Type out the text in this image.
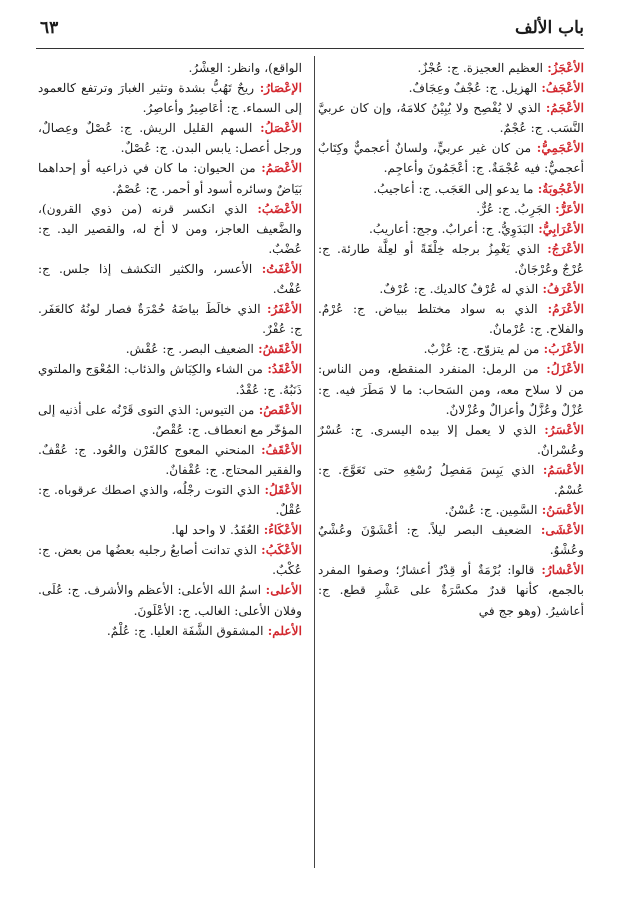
باب الألف
٦٣

الأعْجَزُ: العظيم العجيزة. ج: عُجْزٌ.

الأعْجَفُ: الهزيل. ج: عُجْفٌ وعِجَافٌ.

الأعْجَمُ: الذي لا يُفْصِح ولا يُبِيْنُ كلامَهُ، وإن كان عربيَّ النَّسَب. ج: عُجْمٌ.

الأعْجَمِيُّ: من كان غير عربيٍّ، ولسانٌ أعجميٌّ وكِتَابٌ أعجميٌّ: فيه عُجْمَةٌ. ج: أعْجَمُونَ وأعاجِم.

الأعْجُوبَةُ: ما يدعو إلى العَجَب. ج: أعاجيبُ.

الأعَرُّ: الجَرِبُ. ج: عُرٌّ.

الأعْرَابِيُّ: البَدَوِيُّ. ج: أعرابٌ. وجج: أعاريبُ.

الأعْرَجُ: الذي يَغْمِزُ برجله خِلْقَةً أو لعِلَّة طارئة. ج: عُرْجٌ وعُرْجَانٌ.

الأعْرَفُ: الذي له عُرْفٌ كالديك. ج: عُرْفٌ.

الأعْرَمُ: الذي به سواد مختلط ببياض. ج: عُرْمٌ. والفلاح. ج: عُرْمانٌ.

الأعْزَبُ: من لم يتزوّج. ج: عُزْبٌ.

الأعْزَلُ: من الرمل: المنفرد المنقطع، ومن الناس: من لا سلاح معه، ومن السَحاب: ما لا مَطَرَ فيه. ج: عُزْلٌ وعُزَّلٌ وأعزالٌ وعُزْلانٌ.

الأعْسَرُ: الذي لا يعمل إلا بيده اليسرى. ج: عُسْرٌ وعُسْرانٌ.

الأعْسَمُ: الذي يَبِسَ مَفصِلُ رُسْغِهِ حتى تَعَوَّجَ. ج: عُسْمٌ.

الأعْسَنُ: السَّمِين. ج: عُسْنٌ.

الأعْشَى: الضعيف البصر ليلاً. ج: أعْشَوْنَ وعُشْيٌ وعُشْوٌ.

الأعْشارُ: قالوا: بُرْمَةٌ أو قِدْرٌ أعشارٌ؛ وصفوا المفرد بالجمع، كأنها قدرٌ مكسَّرَةٌ على عَشْرِ قطع. ج: أعاشيرُ. (وهو جج في

الواقع)، وانظر: العِشْرُ.

الإعْصَارُ: ريحٌ تَهُبُّ بشدة وتثير الغبارَ وترتفع كالعمود إلى السماء. ج: أعَاصِيرُ وأعاصِرُ.

الأعْصَلُ: السهم القليل الريش. ج: عُصْلٌ وعِصالٌ، ورجل أعصل: يابس البدن. ج: عُصْلٌ.

الأعْصَمُ: من الحيوان: ما كان في ذراعيه أو إحداهما بَيَاضٌ وسائره أسود أو أحمر. ج: عُصْمٌ.

الأعْضَبُ: الذي انكسر قرنه (من ذوي القرون)، والضَّعيف العاجز، ومن لا أخ له، والقصير اليد. ج: عُضْبٌ.

الأعْفَتُ: الأعسر، والكثير التكشف إذا جلس. ج: عُفْتٌ.

الأعْفَرُ: الذي خالَطَ بياضَهُ حُمْرَةٌ فصار لونُهُ كالعَفَر. ج: عُفْرٌ.

الأعْقَشُ: الضعيف البصر. ج: عُقْش.

الأعْقَدُ: من الشاء والكِبَاش والذئاب: المُعْوَج والملتوي ذَنَبُهُ. ج: عُقْدٌ.

الأعْقَصُ: من التيوس: الذي التوى قَرْنُه على أذنيه إلى المؤخّر مع انعطاف. ج: عُقْصٌ.

الأعْقَفُ: المنحني المعوج كالقَرْن والعُود. ج: عُقْفٌ. والفقير المحتاج. ج: عُقْفانٌ.

الأعْقَلُ: الذي التوت رجْلُه، والذي اصطك عرقوباه. ج: عُقْلٌ.

الأعْكَاءُ: العُقَدُ. لا واحد لها.

الأعْكَبُ: الذي تدانت أصابعُ رجليه بعضُها من بعض. ج: عُكْبٌ.

الأعلى: اسمُ الله الأعلى: الأعظم والأشرف. ج: عُلَى. وفلان الأعلى: الغالب. ج: الأعْلَونَ.

الأعلم: المشقوق الشَّفَة العليا. ج: عُلْمٌ.
